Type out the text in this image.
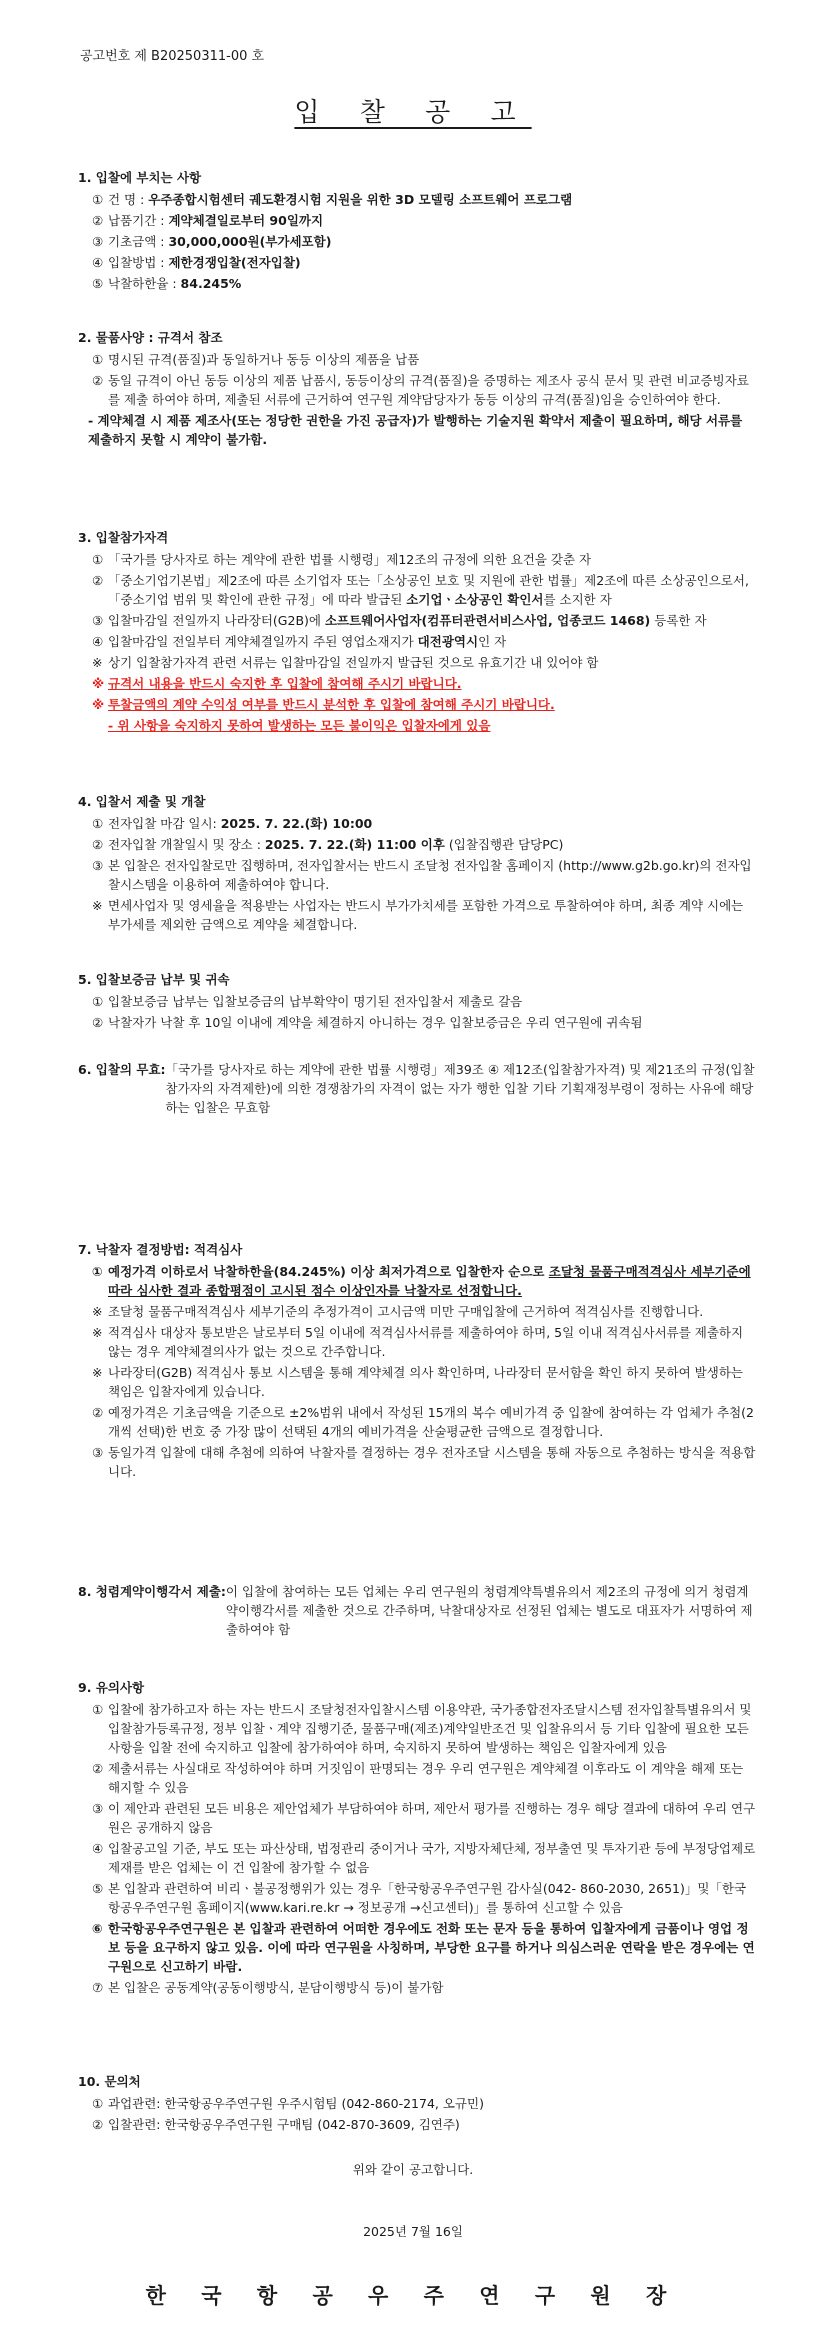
공고번호 제 B20250311-00 호
입 찰 공 고
1. 입찰에 부치는 사항
① 건 명 : 우주종합시험센터 궤도환경시험 지원을 위한 3D 모델링 소프트웨어 프로그램
② 납품기간 : 계약체결일로부터 90일까지
③ 기초금액 : 30,000,000원(부가세포함)
④ 입찰방법 : 제한경쟁입찰(전자입찰)
⑤ 낙찰하한율 : 84.245%
2. 물품사양 : 규격서 참조
① 명시된 규격(품질)과 동일하거나 동등 이상의 제품을 납품
② 동일 규격이 아닌 동등 이상의 제품 납품시, 동등이상의 규격(품질)을 증명하는 제조사 공식 문서 및 관련 비교증빙자료를 제출 하여야 하며, 제출된 서류에 근거하여 연구원 계약담당자가 동등 이상의 규격(품질)임을 승인하여야 한다.
- 계약체결 시 제품 제조사(또는 정당한 권한을 가진 공급자)가 발행하는 기술지원 확약서 제출이 필요하며, 해당 서류를 제출하지 못할 시 계약이 불가함.
3. 입찰참가자격
① 「국가를 당사자로 하는 계약에 관한 법률 시행령」제12조의 규정에 의한 요건을 갖춘 자
② 「중소기업기본법」제2조에 따른 소기업자 또는「소상공인 보호 및 지원에 관한 법률」제2조에 따른 소상공인으로서,「중소기업 범위 및 확인에 관한 규정」에 따라 발급된 소기업ㆍ소상공인 확인서를 소지한 자
③ 입찰마감일 전일까지 나라장터(G2B)에 소프트웨어사업자(컴퓨터관련서비스사업, 업종코드 1468) 등록한 자
④ 입찰마감일 전일부터 계약체결일까지 주된 영업소재지가 대전광역시인 자
※ 상기 입찰참가자격 관련 서류는 입찰마감일 전일까지 발급된 것으로 유효기간 내 있어야 함
※ 규격서 내용을 반드시 숙지한 후 입찰에 참여해 주시기 바랍니다.
※ 투찰금액의 계약 수익성 여부를 반드시 분석한 후 입찰에 참여해 주시기 바랍니다.
- 위 사항을 숙지하지 못하여 발생하는 모든 불이익은 입찰자에게 있음
4. 입찰서 제출 및 개찰
① 전자입찰 마감 일시: 2025. 7. 22.(화) 10:00
② 전자입찰 개찰일시 및 장소 : 2025. 7. 22.(화) 11:00 이후 (입찰집행관 담당PC)
③ 본 입찰은 전자입찰로만 집행하며, 전자입찰서는 반드시 조달청 전자입찰 홈페이지 (http://www.g2b.go.kr)의 전자입찰시스템을 이용하여 제출하여야 합니다.
※ 면세사업자 및 영세율을 적용받는 사업자는 반드시 부가가치세를 포함한 가격으로 투찰하여야 하며, 최종 계약 시에는 부가세를 제외한 금액으로 계약을 체결합니다.
5. 입찰보증금 납부 및 귀속
① 입찰보증금 납부는 입찰보증금의 납부확약이 명기된 전자입찰서 제출로 갈음
② 낙찰자가 낙찰 후 10일 이내에 계약을 체결하지 아니하는 경우 입찰보증금은 우리 연구원에 귀속됨
6. 입찰의 무효: 「국가를 당사자로 하는 계약에 관한 법률 시행령」제39조 ④ 제12조(입찰참가자격) 및 제21조의 규정(입찰참가자의 자격제한)에 의한 경쟁참가의 자격이 없는 자가 행한 입찰 기타 기획재정부령이 정하는 사유에 해당하는 입찰은 무효함
7. 낙찰자 결정방법: 적격심사
① 예정가격 이하로서 낙찰하한율(84.245%) 이상 최저가격으로 입찰한자 순으로 조달청 물품구매적격심사 세부기준에 따라 심사한 결과 종합평점이 고시된 점수 이상인자를 낙찰자로 선정합니다.
※ 조달청 물품구매적격심사 세부기준의 추정가격이 고시금액 미만 구매입찰에 근거하여 적격심사를 진행합니다.
※ 적격심사 대상자 통보받은 날로부터 5일 이내에 적격심사서류를 제출하여야 하며, 5일 이내 적격심사서류를 제출하지 않는 경우 계약체결의사가 없는 것으로 간주합니다.
※ 나라장터(G2B) 적격심사 통보 시스템을 통해 계약체결 의사 확인하며, 나라장터 문서함을 확인 하지 못하여 발생하는 책임은 입찰자에게 있습니다.
② 예정가격은 기초금액을 기준으로 ±2%범위 내에서 작성된 15개의 복수 예비가격 중 입찰에 참여하는 각 업체가 추첨(2개씩 선택)한 번호 중 가장 많이 선택된 4개의 예비가격을 산술평균한 금액으로 결정합니다.
③ 동일가격 입찰에 대해 추첨에 의하여 낙찰자를 결정하는 경우 전자조달 시스템을 통해 자동으로 추첨하는 방식을 적용합니다.
8. 청렴계약이행각서 제출: 이 입찰에 참여하는 모든 업체는 우리 연구원의 청렴계약특별유의서 제2조의 규정에 의거 청렴계약이행각서를 제출한 것으로 간주하며, 낙찰대상자로 선정된 업체는 별도로 대표자가 서명하여 제출하여야 함
9. 유의사항
① 입찰에 참가하고자 하는 자는 반드시 조달청전자입찰시스템 이용약관, 국가종합전자조달시스템 전자입찰특별유의서 및 입찰참가등록규정, 정부 입찰ㆍ계약 집행기준, 물품구매(제조)계약일반조건 및 입찰유의서 등 기타 입찰에 필요한 모든 사항을 입찰 전에 숙지하고 입찰에 참가하여야 하며, 숙지하지 못하여 발생하는 책임은 입찰자에게 있음
② 제출서류는 사실대로 작성하여야 하며 거짓임이 판명되는 경우 우리 연구원은 계약체결 이후라도 이 계약을 해제 또는 해지할 수 있음
③ 이 제안과 관련된 모든 비용은 제안업체가 부담하여야 하며, 제안서 평가를 진행하는 경우 해당 결과에 대하여 우리 연구원은 공개하지 않음
④ 입찰공고일 기준, 부도 또는 파산상태, 법정관리 중이거나 국가, 지방자체단체, 정부출연 및 투자기관 등에 부정당업제로 제재를 받은 업체는 이 건 입찰에 참가할 수 없음
⑤ 본 입찰과 관련하여 비리ㆍ불공정행위가 있는 경우「한국항공우주연구원 감사실(042- 860-2030, 2651)」및「한국항공우주연구원 홈페이지(www.kari.re.kr → 정보공개 →신고센터)」를 통하여 신고할 수 있음
⑥ 한국항공우주연구원은 본 입찰과 관련하여 어떠한 경우에도 전화 또는 문자 등을 통하여 입찰자에게 금품이나 영업 정보 등을 요구하지 않고 있음. 이에 따라 연구원을 사칭하며, 부당한 요구를 하거나 의심스러운 연락을 받은 경우에는 연구원으로 신고하기 바람.
⑦ 본 입찰은 공동계약(공동이행방식, 분담이행방식 등)이 불가함
10. 문의처
① 과업관련: 한국항공우주연구원 우주시험팀 (042-860-2174, 오규민)
② 입찰관련: 한국항공우주연구원 구매팀 (042-870-3609, 김연주)
위와 같이 공고합니다.
2025년 7월 16일
한 국 항 공 우 주 연 구 원 장
